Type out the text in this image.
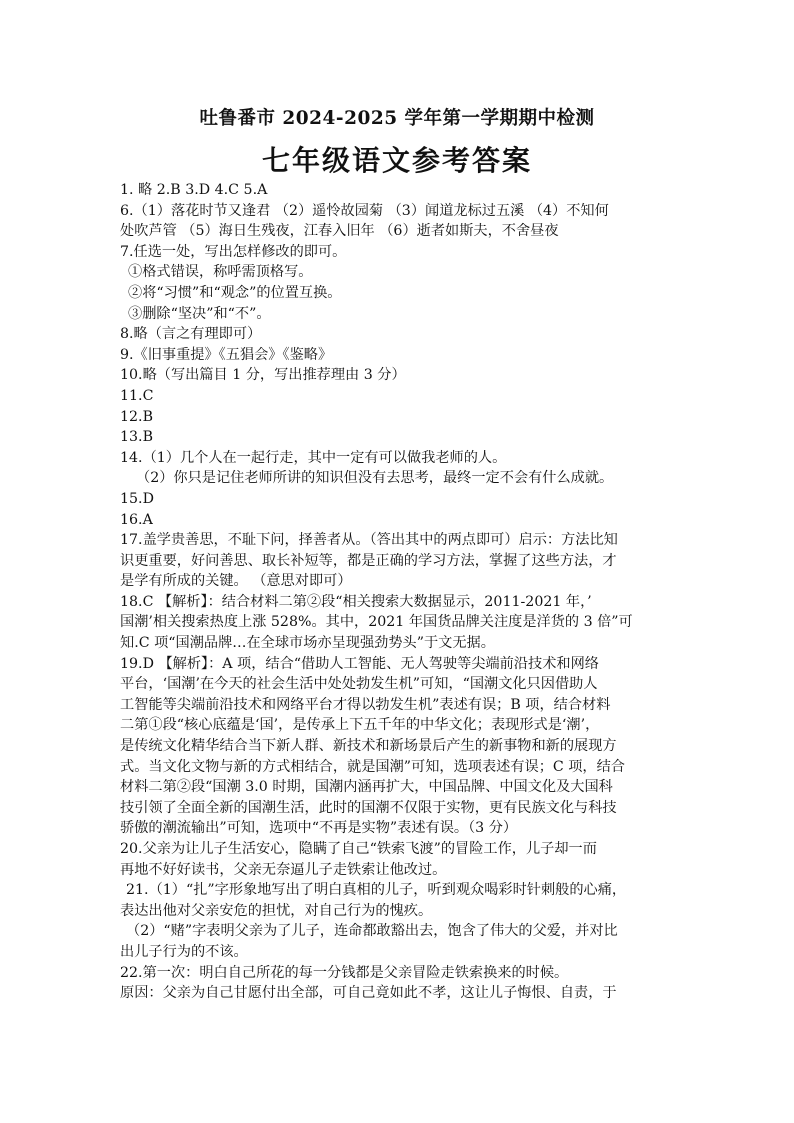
吐鲁番市 2024-2025 学年第一学期期中检测
七年级语文参考答案
1. 略 2.B 3.D 4.C 5.A
6.（1）落花时节又逢君 （2）遥怜故园菊 （3）闻道龙标过五溪 （4）不知何
处吹芦管 （5）海日生残夜，江春入旧年 （6）逝者如斯夫，不舍昼夜
7.任选一处，写出怎样修改的即可。
①格式错误，称呼需顶格写。
②将“习惯”和“观念”的位置互换。
③删除“坚决”和“不”。
8.略（言之有理即可）
9.《旧事重提》《五猖会》《鉴略》
10.略（写出篇目 1 分，写出推荐理由 3 分）
11.C
12.B
13.B
14.（1）几个人在一起行走，其中一定有可以做我老师的人。
（2）你只是记住老师所讲的知识但没有去思考，最终一定不会有什么成就。
15.D
16.A
17.盖学贵善思，不耻下问，择善者从。（答出其中的两点即可）启示：方法比知
识更重要，好问善思、取长补短等，都是正确的学习方法，掌握了这些方法，才
是学有所成的关键。 （意思对即可）
18.C 【解析】：结合材料二第②段“相关搜索大数据显示，2011-2021 年，’
国潮’相关搜索热度上涨 528%。其中，2021 年国货品牌关注度是洋货的 3 倍”可
知.C 项“国潮品牌…在全球市场亦呈现强劲势头”于文无据。
19.D 【解析】：A 项，结合“借助人工智能、无人驾驶等尖端前沿技术和网络
平台，‘国潮’在今天的社会生活中处处勃发生机”可知，“国潮文化只因借助人
工智能等尖端前沿技术和网络平台才得以勃发生机”表述有误；B 项，结合材料
二第①段“核心底蕴是‘国’，是传承上下五千年的中华文化；表现形式是‘潮’，
是传统文化精华结合当下新人群、新技术和新场景后产生的新事物和新的展现方
式。当文化文物与新的方式相结合，就是国潮”可知，选项表述有误；C 项，结合
材料二第②段“国潮 3.0 时期，国潮内涵再扩大，中国品牌、中国文化及大国科
技引领了全面全新的国潮生活，此时的国潮不仅限于实物，更有民族文化与科技
骄傲的潮流输出”可知，选项中“不再是实物”表述有误。（3 分）
20.父亲为让儿子生活安心，隐瞒了自己“铁索飞渡”的冒险工作，儿子却一而
再地不好好读书，父亲无奈逼儿子走铁索让他改过。
21.（1）“扎”字形象地写出了明白真相的儿子，听到观众喝彩时针刺般的心痛，
表达出他对父亲安危的担忧，对自己行为的愧疚。
（2）“赌”字表明父亲为了儿子，连命都敢豁出去，饱含了伟大的父爱，并对比
出儿子行为的不该。
22.第一次：明白自己所花的每一分钱都是父亲冒险走铁索换来的时候。
原因：父亲为自己甘愿付出全部，可自己竟如此不孝，这让儿子悔恨、自责，于
